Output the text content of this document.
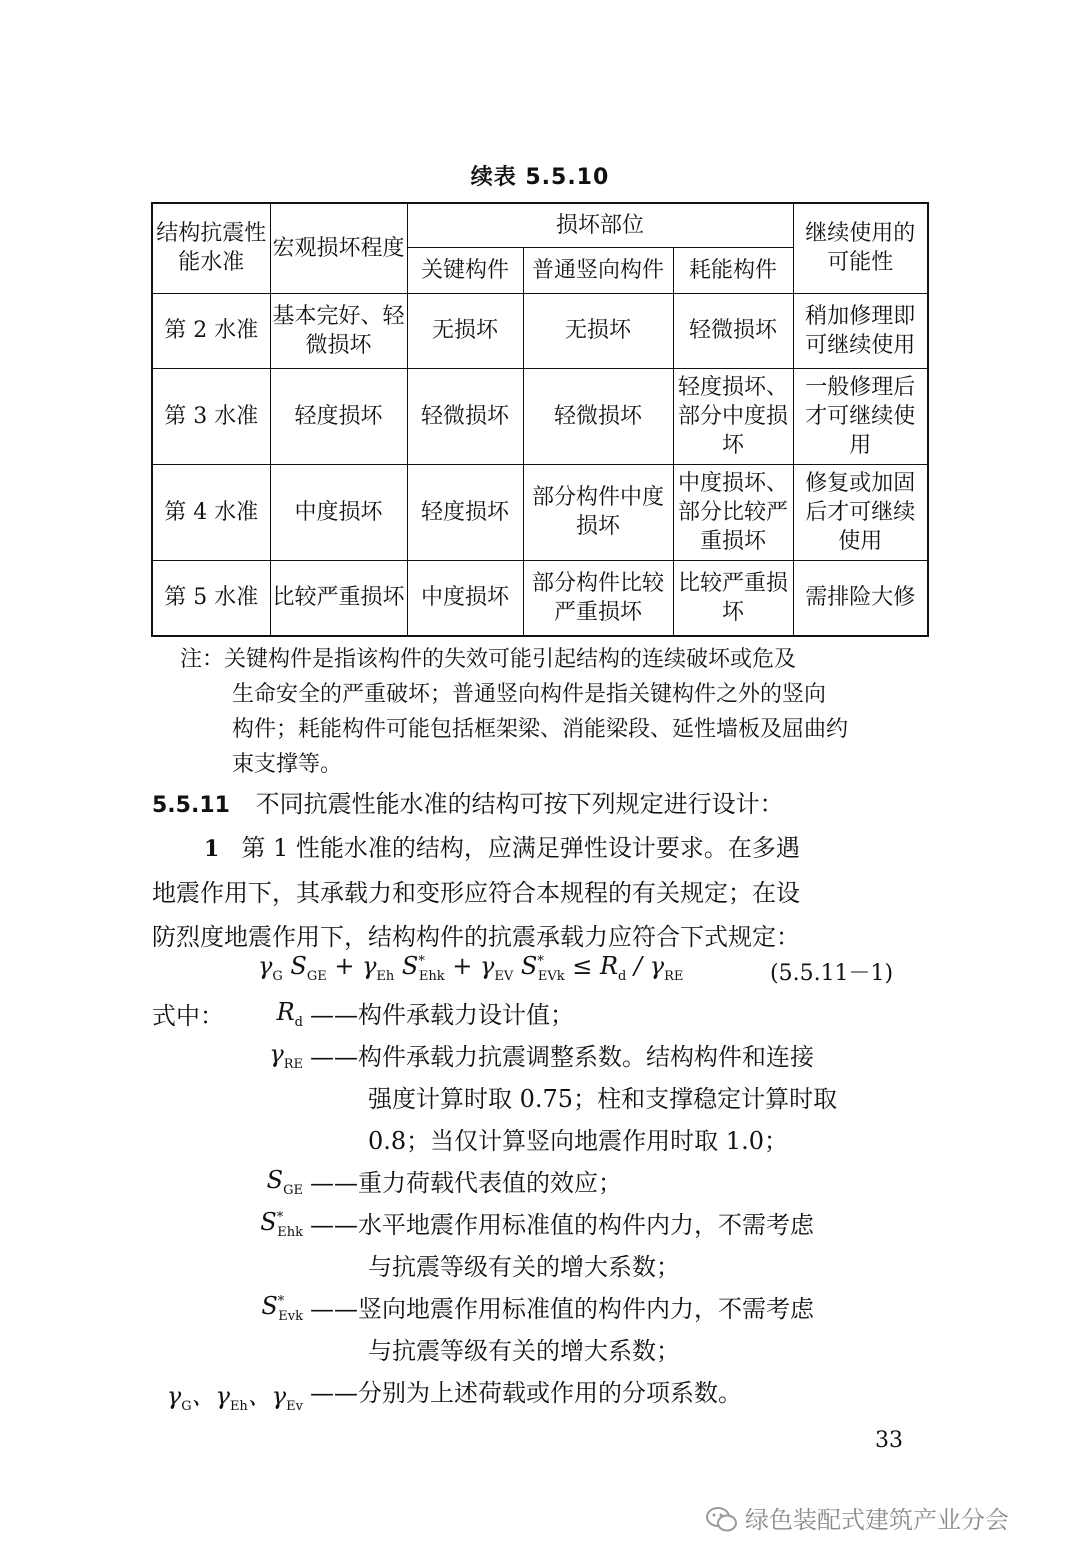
续表 5.5.10
结构抗震性能水准	宏观损坏程度	损坏部位			继续使用的可能性
		关键构件	普通竖向构件	耗能构件	
第 2 水准	基本完好、轻微损坏	无损坏	无损坏	轻微损坏	稍加修理即可继续使用
第 3 水准	轻度损坏	轻微损坏	轻微损坏	轻度损坏、部分中度损坏	一般修理后才可继续使用
第 4 水准	中度损坏	轻度损坏	部分构件中度损坏	中度损坏、部分比较严重损坏	修复或加固后才可继续使用
第 5 水准	比较严重损坏	中度损坏	部分构件比较严重损坏	比较严重损坏	需排险大修
注：关键构件是指该构件的失效可能引起结构的连续破坏或危及
生命安全的严重破坏；普通竖向构件是指关键构件之外的竖向
构件；耗能构件可能包括框架梁、消能梁段、延性墙板及屈曲约
束支撑等。
5.5.11 不同抗震性能水准的结构可按下列规定进行设计：
1 第 1 性能水准的结构，应满足弹性设计要求。在多遇
地震作用下，其承载力和变形应符合本规程的有关规定；在设
防烈度地震作用下，结构构件的抗震承载力应符合下式规定：
$\gamma_G$ $S_{GE} + \gamma_{Eh}$ $S^*_{Ehk} + \gamma_{EV}$ $S^*_{EVk} \le R_d / \gamma_{RE}$	(5.5.11－1)
式中：	$R_d$ ——构件承载力设计值；
$\gamma_{RE}$ ——构件承载力抗震调整系数。结构构件和连接
强度计算时取 0.75；柱和支撑稳定计算时取
0.8；当仅计算竖向地震作用时取 1.0；
$S_{GE}$ ——重力荷载代表值的效应；
$S^*_{Ehk}$ ——水平地震作用标准值的构件内力，不需考虑
与抗震等级有关的增大系数；
$S^*_{Evk}$ ——竖向地震作用标准值的构件内力，不需考虑
与抗震等级有关的增大系数；
$\gamma_G$、$\gamma_{Eh}$、$\gamma_{Ev}$ ——分别为上述荷载或作用的分项系数。
33
绿色装配式建筑产业分会
